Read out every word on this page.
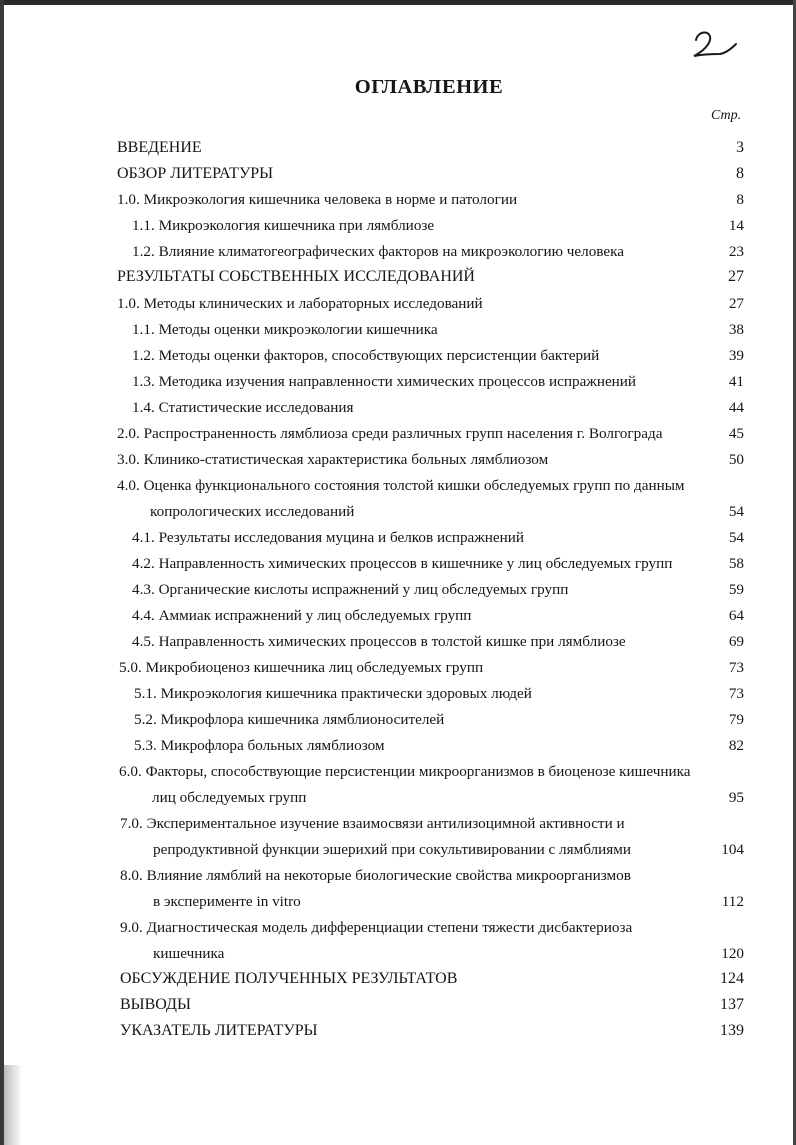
ОГЛАВЛЕНИЕ
Стр.
ВВЕДЕНИЕ	3
ОБЗОР ЛИТЕРАТУРЫ	8
1.0. Микроэкология кишечника человека в норме и патологии	8
1.1. Микроэкология кишечника при лямблиозе	14
1.2. Влияние климатогеографических факторов на микроэкологию человека	23
РЕЗУЛЬТАТЫ СОБСТВЕННЫХ ИССЛЕДОВАНИЙ	27
1.0. Методы клинических и лабораторных исследований	27
1.1. Методы оценки микроэкологии кишечника	38
1.2. Методы оценки факторов, способствующих персистенции бактерий	39
1.3. Методика изучения направленности химических процессов испражнений	41
1.4. Статистические исследования	44
2.0. Распространенность лямблиоза среди различных групп населения г. Волгограда	45
3.0. Клинико-статистическая характеристика больных лямблиозом	50
4.0. Оценка функционального состояния толстой кишки обследуемых групп по данным
копрологических исследований	54
4.1. Результаты исследования муцина и белков испражнений	54
4.2. Направленность химических процессов в кишечнике у лиц обследуемых групп	58
4.3. Органические кислоты испражнений у лиц обследуемых групп	59
4.4. Аммиак испражнений у лиц обследуемых групп	64
4.5. Направленность химических процессов в толстой кишке при лямблиозе	69
5.0. Микробиоценоз кишечника лиц обследуемых групп	73
5.1. Микроэкология кишечника практически здоровых людей	73
5.2. Микрофлора кишечника лямблионосителей	79
5.3. Микрофлора больных лямблиозом	82
6.0. Факторы, способствующие персистенции микроорганизмов в биоценозе кишечника
лиц обследуемых групп	95
7.0. Экспериментальное изучение взаимосвязи антилизоцимной активности и
репродуктивной функции эшерихий при сокультивировании с лямблиями	104
8.0. Влияние лямблий на некоторые биологические свойства микроорганизмов
в эксперименте in vitro	112
9.0. Диагностическая модель дифференциации степени тяжести дисбактериоза
кишечника	120
ОБСУЖДЕНИЕ ПОЛУЧЕННЫХ РЕЗУЛЬТАТОВ	124
ВЫВОДЫ	137
УКАЗАТЕЛЬ ЛИТЕРАТУРЫ	139
